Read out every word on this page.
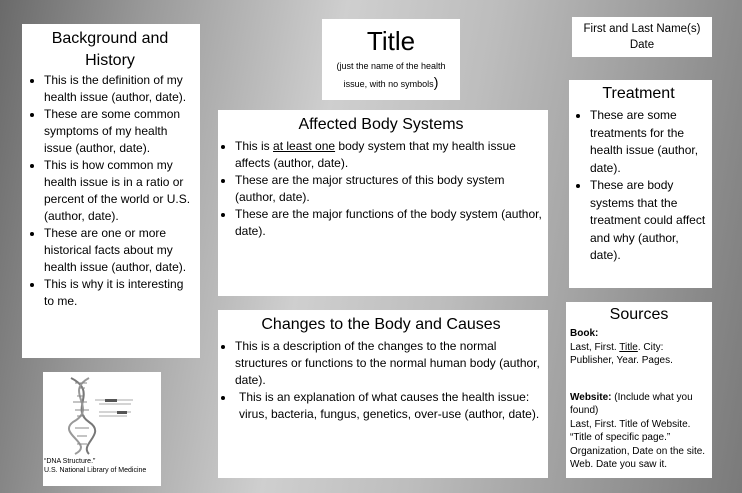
Title
(just the name of the health
issue, with no symbols)
First and Last Name(s)
Date
Background and
History
• This is the definition of my health issue (author, date).
• These are some common symptoms of my health issue (author, date).
• This is how common my health issue is in a ratio or percent of the world or U.S. (author, date).
• These are one or more historical facts about my health issue (author, date).
• This is why it is interesting to me.
Affected Body Systems
• This is at least one body system that my health issue affects (author, date).
• These are the major structures of this body system (author, date).
• These are the major functions of the body system (author, date).
Changes to the Body and Causes
• This is a description of the changes to the normal structures or functions to the normal human body (author, date).
• This is an explanation of what causes the health issue: virus, bacteria, fungus, genetics, over-use (author, date).
Treatment
• These are some treatments for the health issue (author, date).
• These are body systems that the treatment could affect and why (author, date).
Sources
Book:
Last, First. Title. City: Publisher, Year. Pages.
Website: (Include what you found)
Last, First. Title of Website. “Title of specific page.” Organization, Date on the site. Web. Date you saw it.
“DNA Structure.”
U.S. National Library of Medicine
